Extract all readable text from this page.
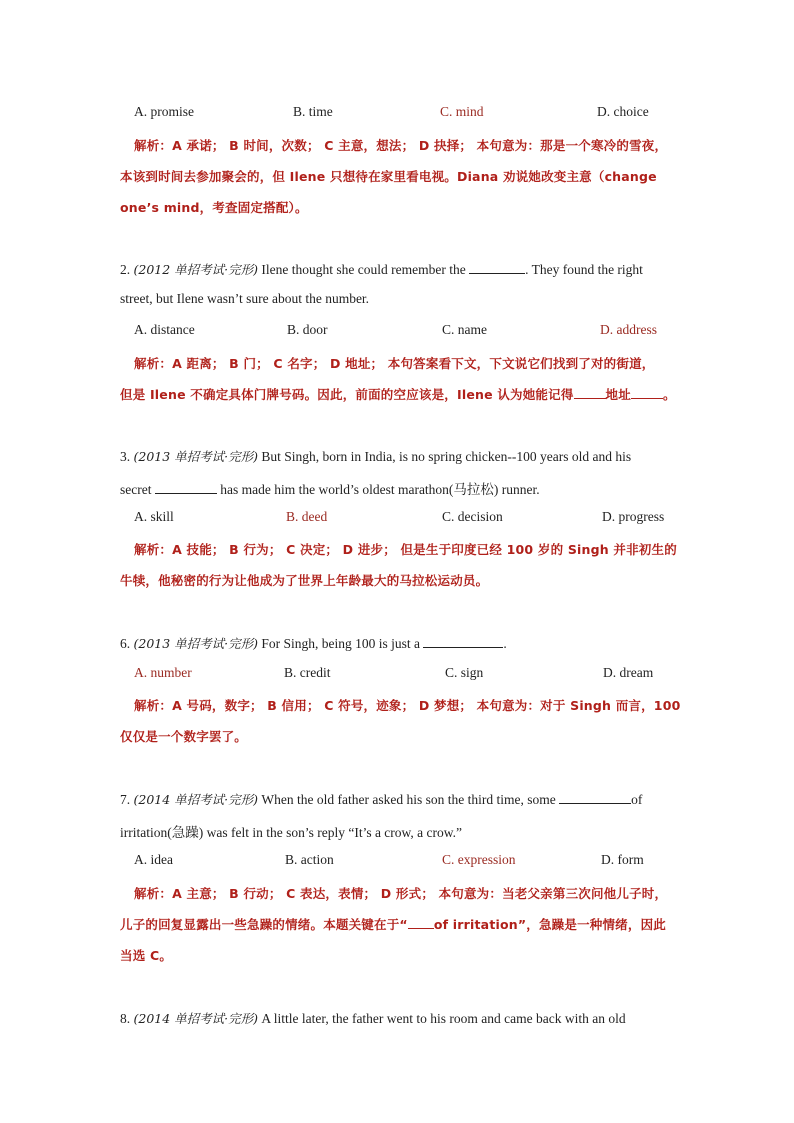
A. promise	B. time	C. mind	D. choice
解析：A 承诺； B 时间，次数； C 主意，想法； D 抉择； 本句意为：那是一个寒冷的雪夜，
本该到时间去参加聚会的，但 Ilene 只想待在家里看电视。Diana 劝说她改变主意（change
one’s mind，考查固定搭配）。
2. (2012 单招考试·完形) Ilene thought she could remember the	. They found the right
street, but Ilene wasn’t sure about the number.
A. distance	B. door	C. name	D. address
解析：A 距离； B 门； C 名字； D 地址； 本句答案看下文，下文说它们找到了对的街道，
但是 Ilene 不确定具体门牌号码。因此，前面的空应该是，Ilene 认为她能记得	地址	。
3. (2013 单招考试·完形) But Singh, born in India, is no spring chicken--100 years old and his
secret	has made him the world’s oldest marathon(马拉松) runner.
A. skill	B. deed	C. decision	D. progress
解析：A 技能； B 行为； C 决定； D 进步； 但是生于印度已经 100 岁的 Singh 并非初生的
牛犊，他秘密的行为让他成为了世界上年龄最大的马拉松运动员。
6. (2013 单招考试·完形) For Singh, being 100 is just a	.
A. number	B. credit	C. sign	D. dream
解析：A 号码，数字； B 信用； C 符号，迹象； D 梦想； 本句意为：对于 Singh 而言，100
仅仅是一个数字罢了。
7. (2014 单招考试·完形) When the old father asked his son the third time, some	of
irritation(急躁) was felt in the son’s reply “It’s a crow, a crow.”
A. idea	B. action	C. expression	D. form
解析：A 主意； B 行动； C 表达，表情； D 形式； 本句意为：当老父亲第三次问他儿子时，
儿子的回复显露出一些急躁的情绪。本题关键在于“ of irritation”，急躁是一种情绪，因此
当选 C。
8. (2014 单招考试·完形) A little later, the father went to his room and came back with an old
